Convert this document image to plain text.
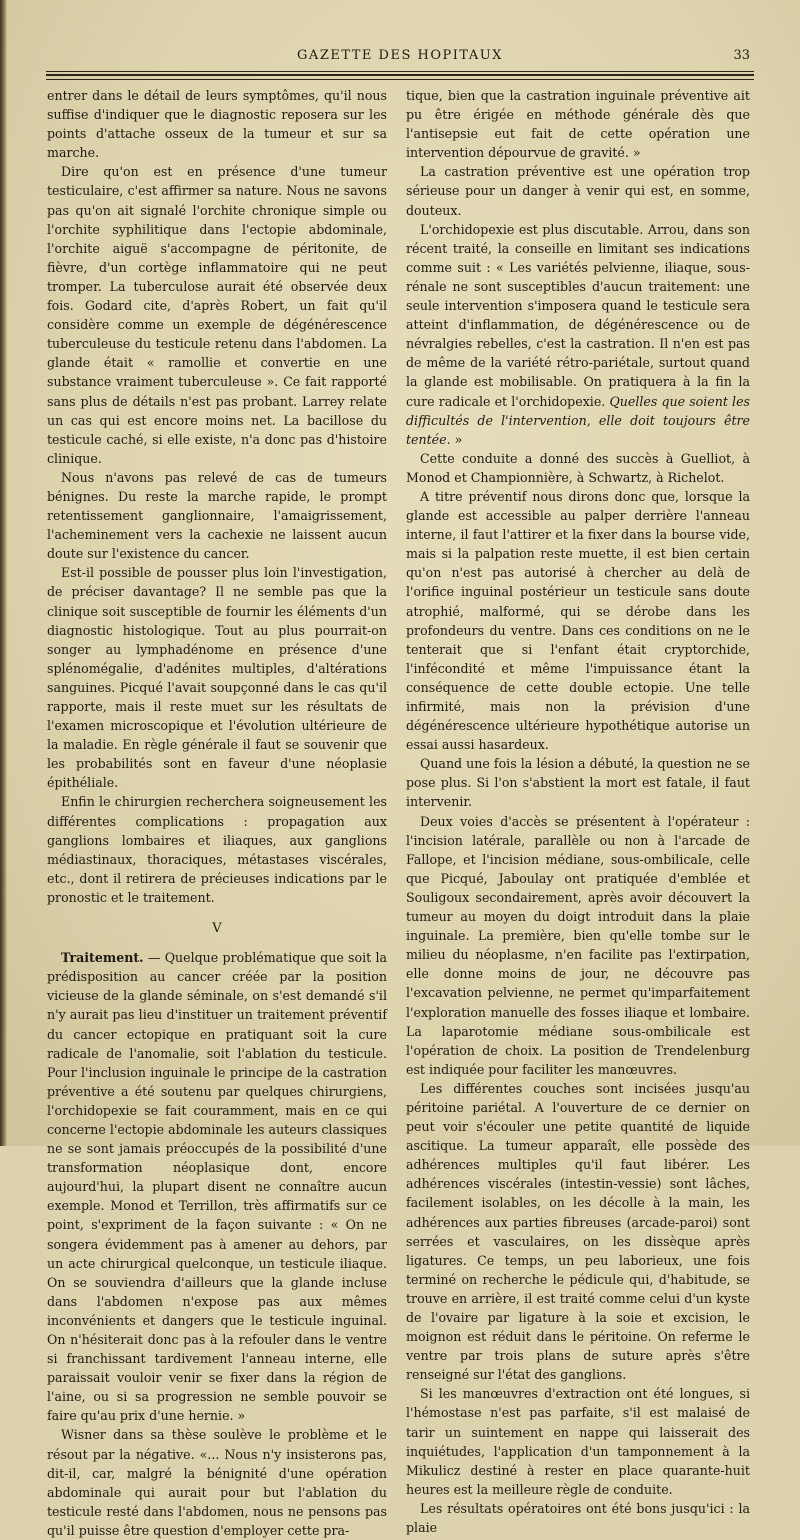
GAZETTE DES HOPITAUX	33

entrer dans le détail de leurs symptômes, qu'il nous suffise d'indiquer que le diagnostic reposera sur les points d'attache osseux de la tumeur et sur sa marche.

Dire qu'on est en présence d'une tumeur testiculaire, c'est affirmer sa nature. Nous ne savons pas qu'on ait signalé l'orchite chronique simple ou l'orchite syphilitique dans l'ectopie abdominale, l'orchite aiguë s'accompagne de péritonite, de fièvre, d'un cortège inflammatoire qui ne peut tromper. La tuberculose aurait été observée deux fois. Godard cite, d'après Robert, un fait qu'il considère comme un exemple de dégénérescence tuberculeuse du testicule retenu dans l'abdomen. La glande était « ramollie et convertie en une substance vraiment tuberculeuse ». Ce fait rapporté sans plus de détails n'est pas probant. Larrey relate un cas qui est encore moins net. La bacillose du testicule caché, si elle existe, n'a donc pas d'histoire clinique.

Nous n'avons pas relevé de cas de tumeurs bénignes. Du reste la marche rapide, le prompt retentissement ganglionnaire, l'amaigrissement, l'acheminement vers la cachexie ne laissent aucun doute sur l'existence du cancer.

Est-il possible de pousser plus loin l'investigation, de préciser davantage? Il ne semble pas que la clinique soit susceptible de fournir les éléments d'un diagnostic histologique. Tout au plus pourrait-on songer au lymphadénome en présence d'une splénomégalie, d'adénites multiples, d'altérations sanguines. Picqué l'avait soupçonné dans le cas qu'il rapporte, mais il reste muet sur les résultats de l'examen microscopique et l'évolution ultérieure de la maladie. En règle générale il faut se souvenir que les probabilités sont en faveur d'une néoplasie épithéliale.

Enfin le chirurgien recherchera soigneusement les différentes complications : propagation aux ganglions lombaires et iliaques, aux ganglions médiastinaux, thoraciques, métastases viscérales, etc., dont il retirera de précieuses indications par le pronostic et le traitement.

V

Traitement. — Quelque problématique que soit la prédisposition au cancer créée par la position vicieuse de la glande séminale, on s'est demandé s'il n'y aurait pas lieu d'instituer un traitement préventif du cancer ectopique en pratiquant soit la cure radicale de l'anomalie, soit l'ablation du testicule. Pour l'inclusion inguinale le principe de la castration préventive a été soutenu par quelques chirurgiens, l'orchidopexie se fait couramment, mais en ce qui concerne l'ectopie abdominale les auteurs classiques ne se sont jamais préoccupés de la possibilité d'une transformation néoplasique dont, encore aujourd'hui, la plupart disent ne connaître aucun exemple. Monod et Terrillon, très affirmatifs sur ce point, s'expriment de la façon suivante : « On ne songera évidemment pas à amener au dehors, par un acte chirurgical quelconque, un testicule iliaque. On se souviendra d'ailleurs que la glande incluse dans l'abdomen n'expose pas aux mêmes inconvénients et dangers que le testicule inguinal. On n'hésiterait donc pas à la refouler dans le ventre si franchissant tardivement l'anneau interne, elle paraissait vouloir venir se fixer dans la région de l'aine, ou si sa progression ne semble pouvoir se faire qu'au prix d'une hernie. »

Wisner dans sa thèse soulève le problème et le résout par la négative. «... Nous n'y insisterons pas, dit-il, car, malgré la bénignité d'une opération abdominale qui aurait pour but l'ablation du testicule resté dans l'abdomen, nous ne pensons pas qu'il puisse être question d'employer cette pra-

tique, bien que la castration inguinale préventive ait pu être érigée en méthode générale dès que l'antisepsie eut fait de cette opération une intervention dépourvue de gravité. »

La castration préventive est une opération trop sérieuse pour un danger à venir qui est, en somme, douteux.

L'orchidopexie est plus discutable. Arrou, dans son récent traité, la conseille en limitant ses indications comme suit : « Les variétés pelvienne, iliaque, sous-rénale ne sont susceptibles d'aucun traitement: une seule intervention s'imposera quand le testicule sera atteint d'inflammation, de dégénérescence ou de névralgies rebelles, c'est la castration. Il n'en est pas de même de la variété rétro-pariétale, surtout quand la glande est mobilisable. On pratiquera à la fin la cure radicale et l'orchidopexie. Quelles que soient les difficultés de l'intervention, elle doit toujours être tentée. »

Cette conduite a donné des succès à Guelliot, à Monod et Championnière, à Schwartz, à Richelot.

A titre préventif nous dirons donc que, lorsque la glande est accessible au palper derrière l'anneau interne, il faut l'attirer et la fixer dans la bourse vide, mais si la palpation reste muette, il est bien certain qu'on n'est pas autorisé à chercher au delà de l'orifice inguinal postérieur un testicule sans doute atrophié, malformé, qui se dérobe dans les profondeurs du ventre. Dans ces conditions on ne le tenterait que si l'enfant était cryptorchide, l'infécondité et même l'impuissance étant la conséquence de cette double ectopie. Une telle infirmité, mais non la prévision d'une dégénérescence ultérieure hypothétique autorise un essai aussi hasardeux.

Quand une fois la lésion a débuté, la question ne se pose plus. Si l'on s'abstient la mort est fatale, il faut intervenir.

Deux voies d'accès se présentent à l'opérateur : l'incision latérale, parallèle ou non à l'arcade de Fallope, et l'incision médiane, sous-ombilicale, celle que Picqué, Jaboulay ont pratiquée d'emblée et Souligoux secondairement, après avoir découvert la tumeur au moyen du doigt introduit dans la plaie inguinale. La première, bien qu'elle tombe sur le milieu du néoplasme, n'en facilite pas l'extirpation, elle donne moins de jour, ne découvre pas l'excavation pelvienne, ne permet qu'imparfaitement l'exploration manuelle des fosses iliaque et lombaire. La laparotomie médiane sous-ombilicale est l'opération de choix. La position de Trendelenburg est indiquée pour faciliter les manœuvres.

Les différentes couches sont incisées jusqu'au péritoine pariétal. A l'ouverture de ce dernier on peut voir s'écouler une petite quantité de liquide ascitique. La tumeur apparaît, elle possède des adhérences multiples qu'il faut libérer. Les adhérences viscérales (intestin-vessie) sont lâches, facilement isolables, on les décolle à la main, les adhérences aux parties fibreuses (arcade-paroi) sont serrées et vasculaires, on les dissèque après ligatures. Ce temps, un peu laborieux, une fois terminé on recherche le pédicule qui, d'habitude, se trouve en arrière, il est traité comme celui d'un kyste de l'ovaire par ligature à la soie et excision, le moignon est réduit dans le péritoine. On referme le ventre par trois plans de suture après s'être renseigné sur l'état des ganglions.

Si les manœuvres d'extraction ont été longues, si l'hémostase n'est pas parfaite, s'il est malaisé de tarir un suintement en nappe qui laisserait des inquiétudes, l'application d'un tamponnement à la Mikulicz destiné à rester en place quarante-huit heures est la meilleure règle de conduite.

Les résultats opératoires ont été bons jusqu'ici : la plaie
